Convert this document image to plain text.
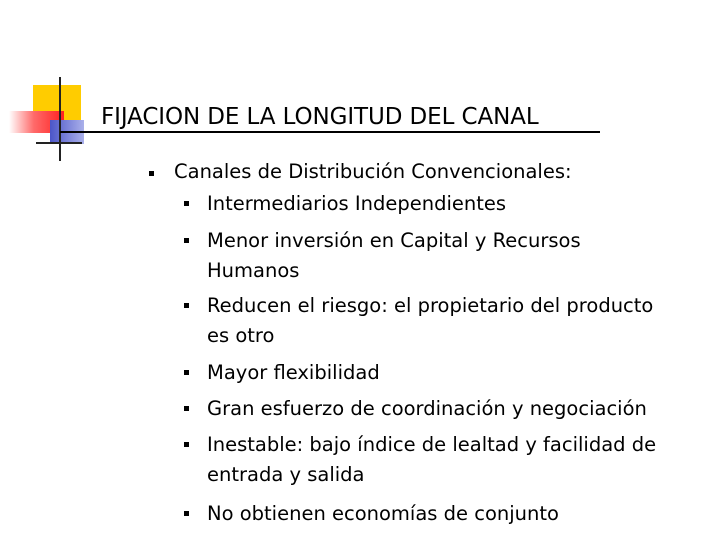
FIJACION DE LA LONGITUD DEL CANAL
Canales de Distribución Convencionales:
Intermediarios Independientes
Menor inversión en Capital y Recursos
Humanos
Reducen el riesgo: el propietario del producto
es otro
Mayor flexibilidad
Gran esfuerzo de coordinación y negociación
Inestable: bajo índice de lealtad y facilidad de
entrada y salida
No obtienen economías de conjunto
